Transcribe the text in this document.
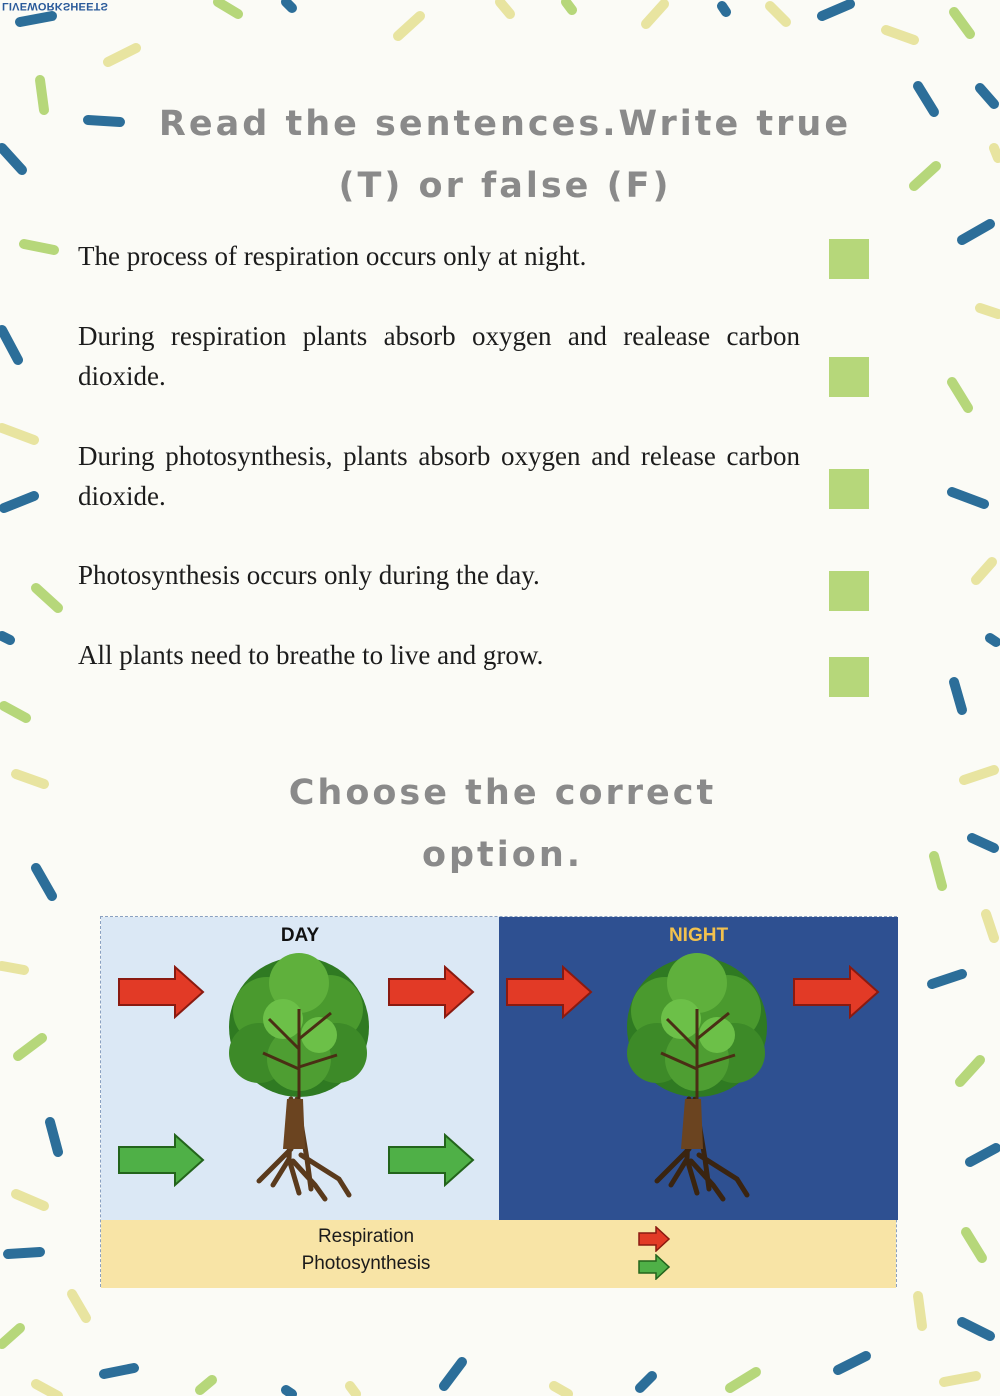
LIVEWORKSHEETS
Read the sentences.Write true
(T) or false (F)
The process of respiration occurs only at night.
During respiration plants absorb oxygen and realease carbon dioxide.
During photosynthesis, plants absorb oxygen and release carbon dioxide.
Photosynthesis occurs only during the day.
All plants need to breathe to live and grow.
Choose the correct
option.
DAY	NIGHT
Respiration
Photosynthesis
